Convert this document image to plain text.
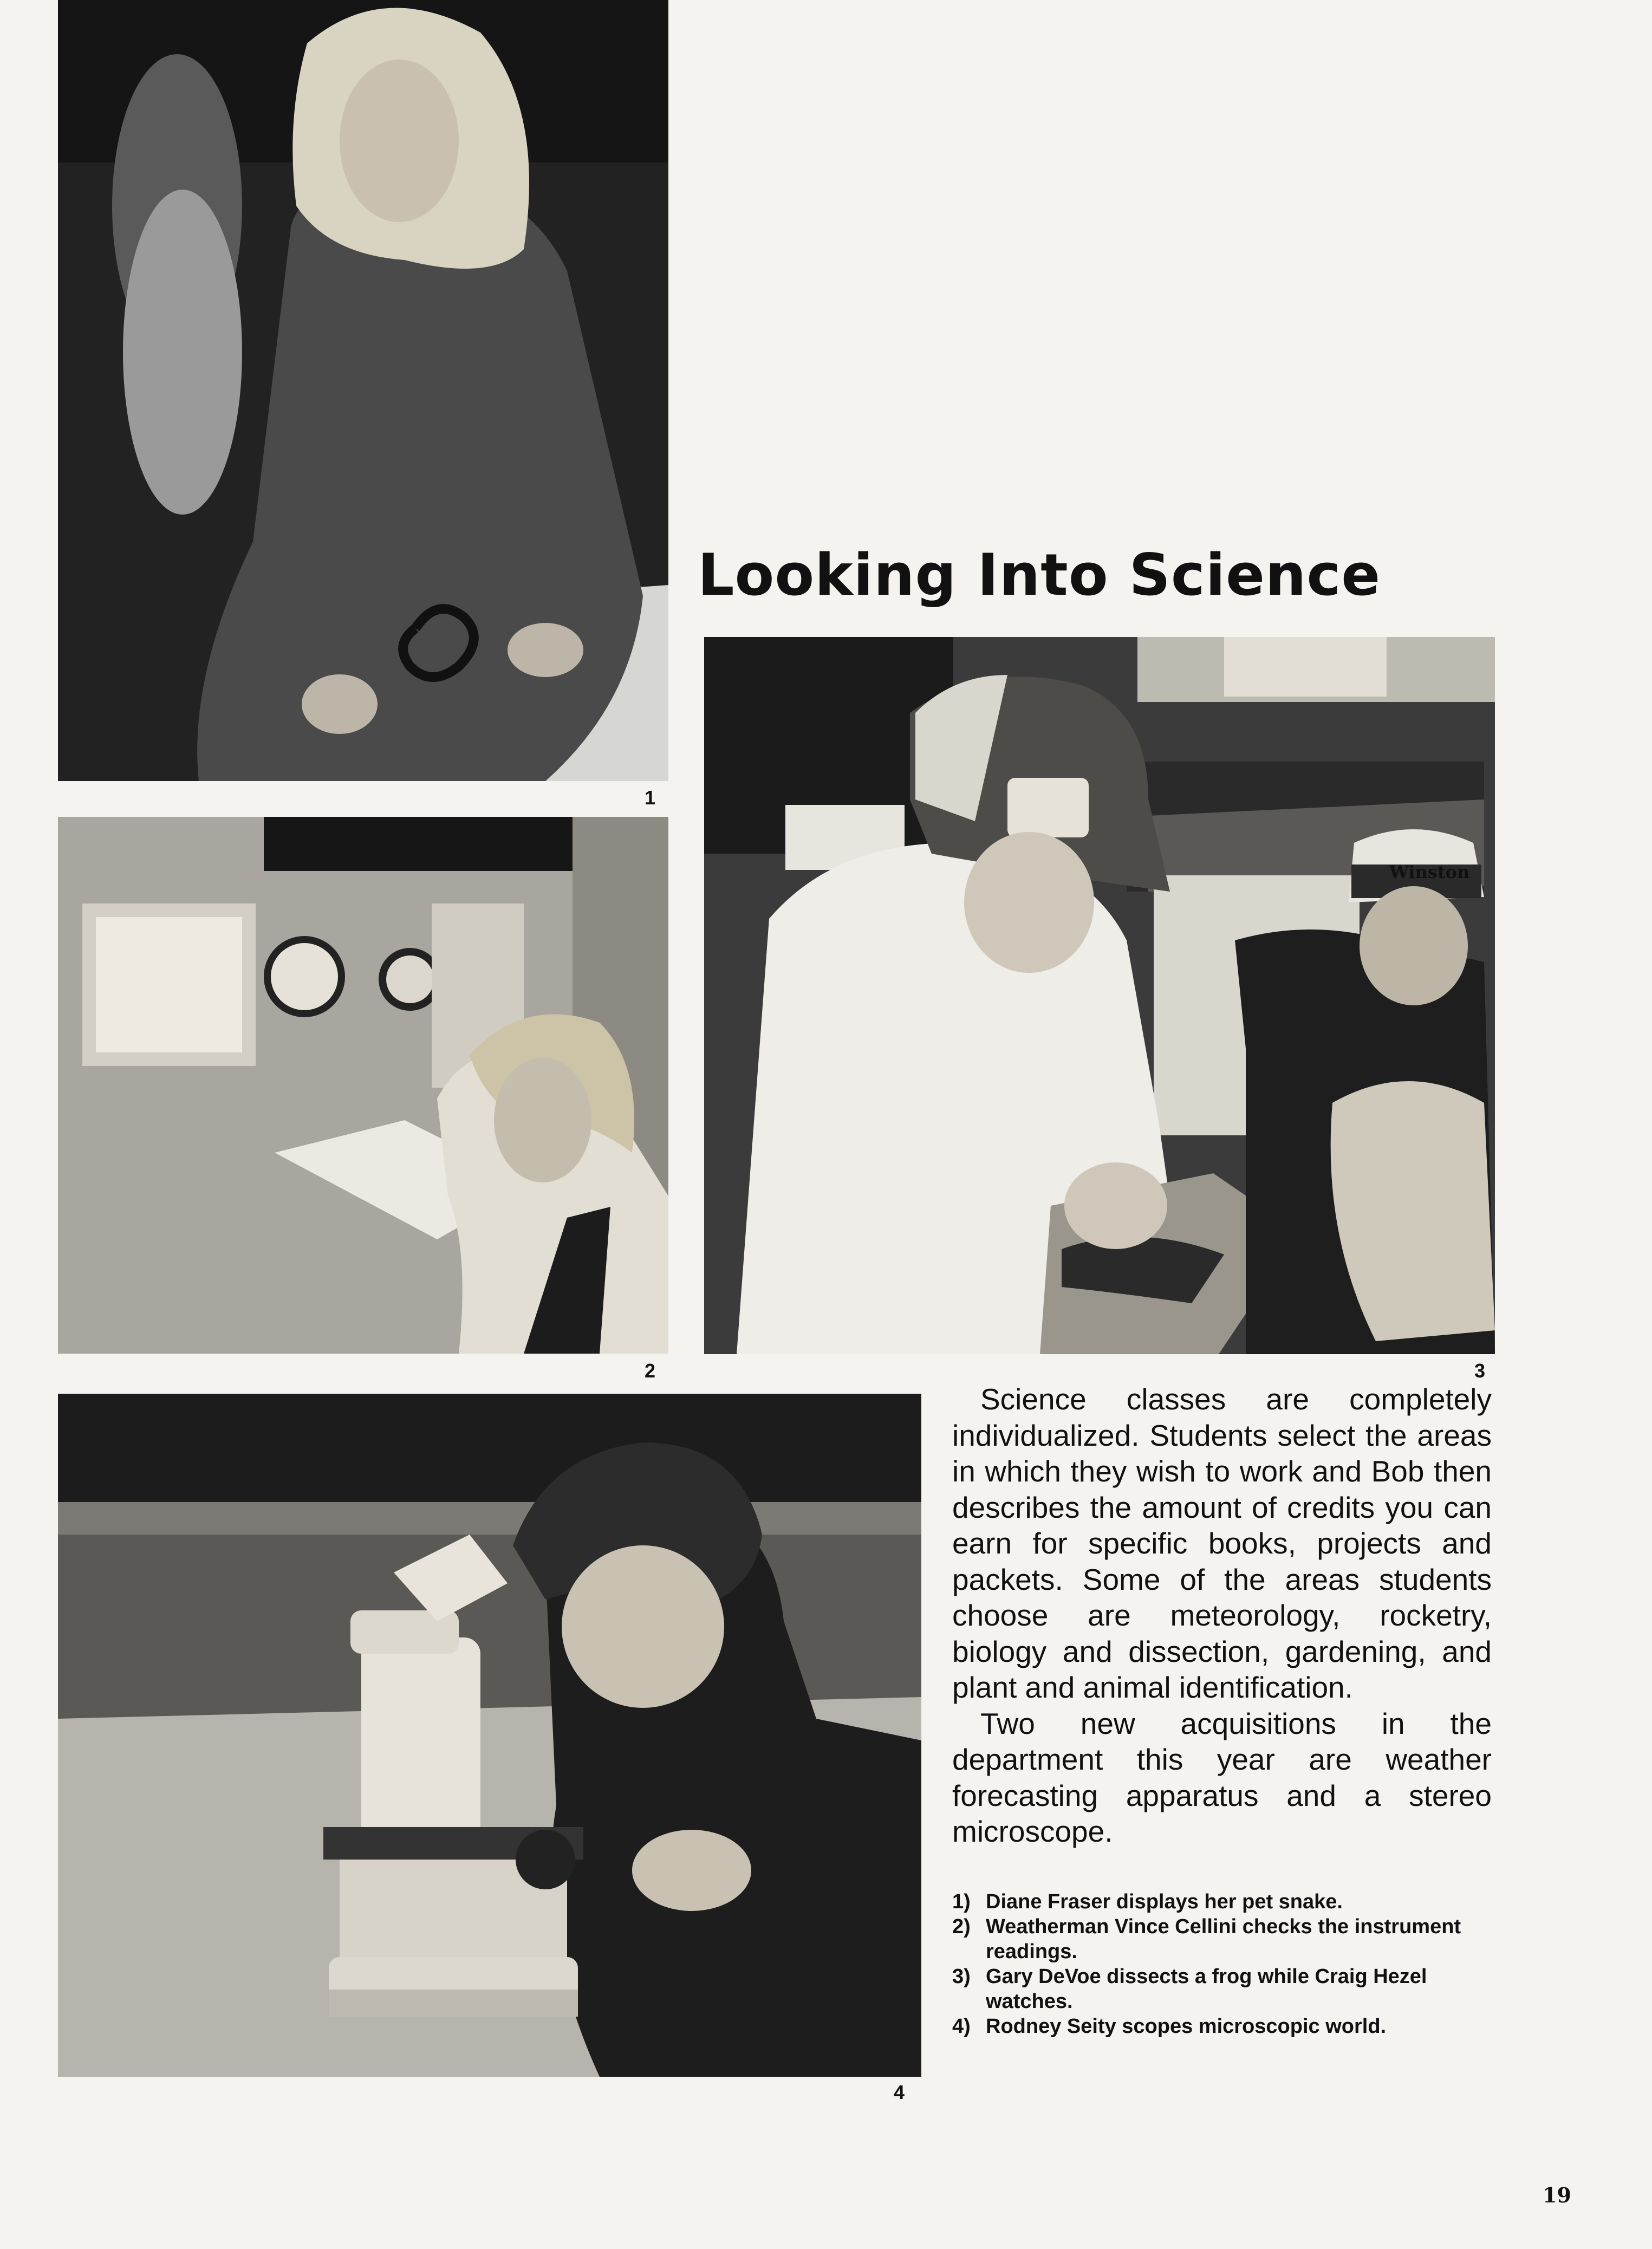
1
2
Looking Into Science
Winston
3
4

Science classes are completely individualized. Students select the areas in which they wish to work and Bob then describes the amount of credits you can earn for specific books, projects and packets. Some of the areas students choose are meteorology, rocketry, biology and dissection, gardening, and plant and animal identification.

Two new acquisitions in the department this year are weather forecasting apparatus and a stereo microscope.

1) Diane Fraser displays her pet snake.
2) Weatherman Vince Cellini checks the instrument readings.
3) Gary DeVoe dissects a frog while Craig Hezel watches.
4) Rodney Seity scopes microscopic world.
19
